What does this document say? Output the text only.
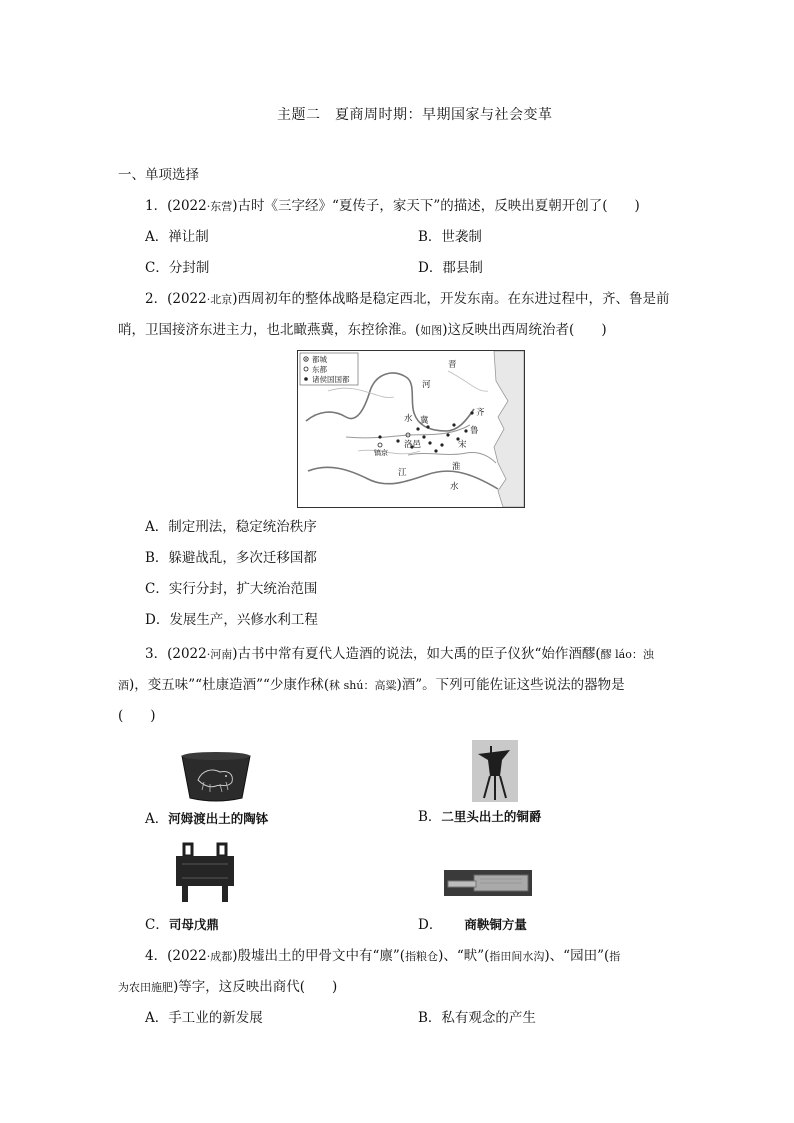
主题二　夏商周时期：早期国家与社会变革
一、单项选择
1．(2022·东营)古时《三字经》“夏传子，家天下”的描述，反映出夏朝开创了(　　)
A．禅让制	B．世袭制
C．分封制	D．郡县制
2．(2022·北京)西周初年的整体战略是稳定西北，开发东南。在东进过程中，齐、鲁是前
哨，卫国接济东进主力，也北瞰燕冀，东控徐淮。(如图)这反映出西周统治者(　　)
都城
东都
诸侯国国都
晋
河
水 冀
齐
鲁
宋
洛邑
镐京
江
淮
水
A．制定刑法，稳定统治秩序
B．躲避战乱，多次迁移国都
C．实行分封，扩大统治范围
D．发展生产，兴修水利工程
3．(2022·河南)古书中常有夏代人造酒的说法，如大禹的臣子仪狄“始作酒醪(醪 láo：浊
酒)，变五味”“杜康造酒”“少康作秫(秫 shú：高粱)酒”。下列可能佐证这些说法的器物是
(　　)
A．河姆渡出土的陶钵	B．二里头出土的铜爵
C．司母戊鼎	D． 商鞅铜方量
4．(2022·成都)殷墟出土的甲骨文中有“廪”(指粮仓)、“畎”(指田间水沟)、“园田”(指
为农田施肥)等字，这反映出商代(　　)
A．手工业的新发展	B．私有观念的产生
